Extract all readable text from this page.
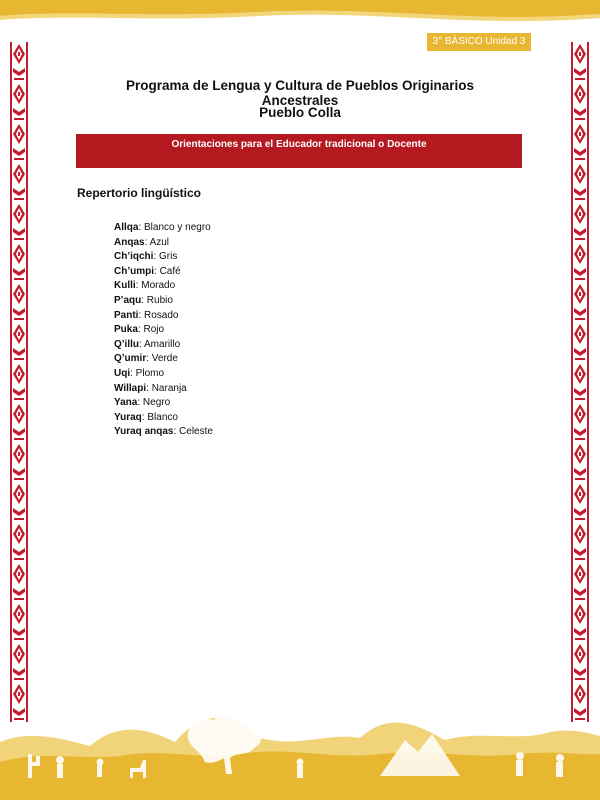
3° BÁSICO Unidad 3
Programa de Lengua y Cultura de Pueblos Originarios Ancestrales
Pueblo Colla
Orientaciones para el Educador tradicional o Docente
Repertorio lingüístico
Allqa: Blanco y negro
Anqas: Azul
Ch’iqchi: Gris
Ch’umpi: Café
Kulli: Morado
P’aqu: Rubio
Panti: Rosado
Puka: Rojo
Q’illu: Amarillo
Q’umir: Verde
Uqi: Plomo
Willapi: Naranja
Yana: Negro
Yuraq: Blanco
Yuraq anqas: Celeste
